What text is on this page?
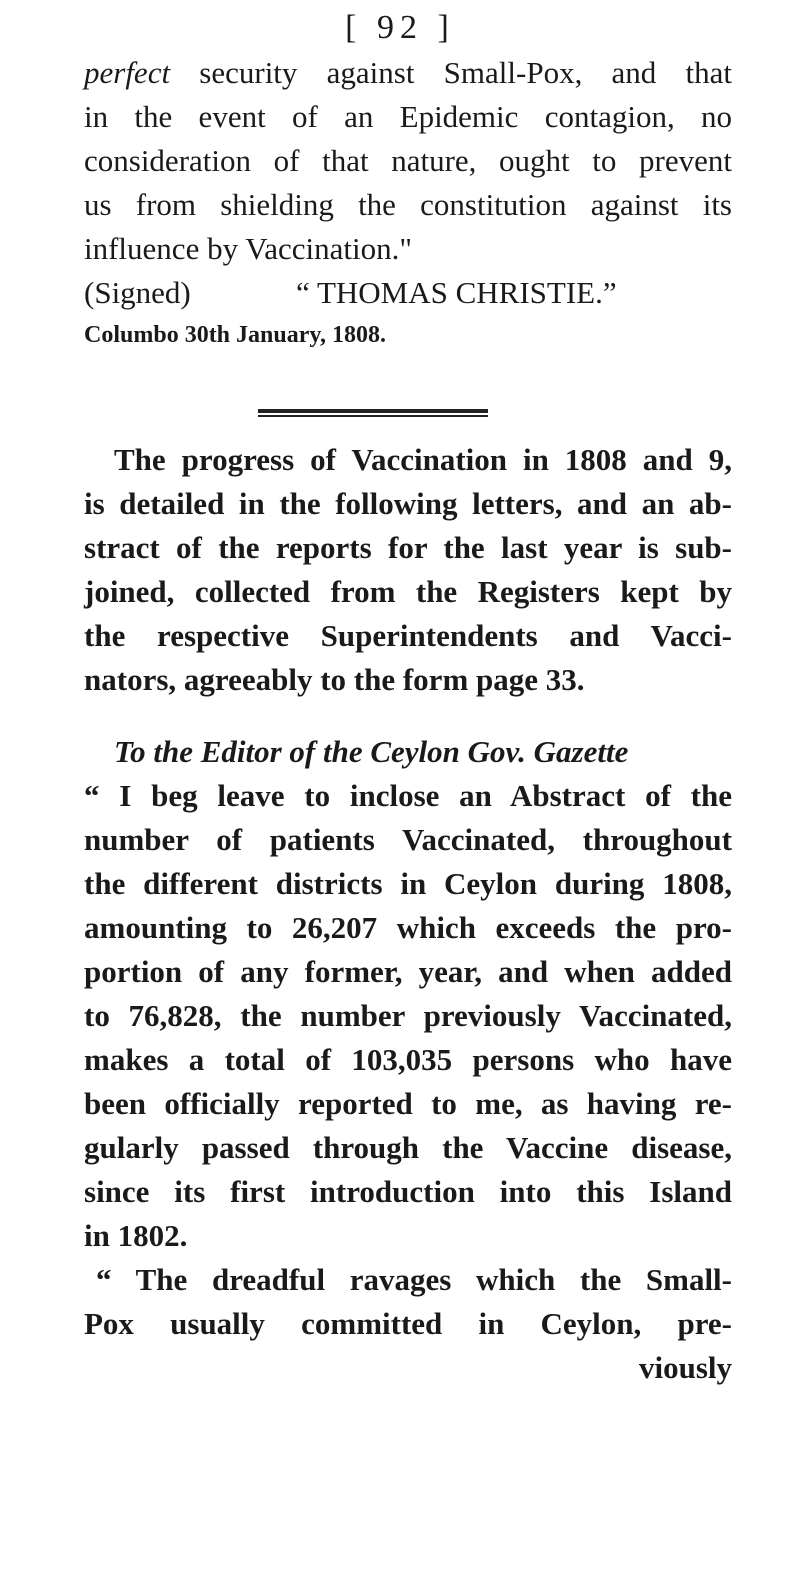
[ 92 ]
perfect security against Small-Pox, and that
in the event of an Epidemic contagion, no
consideration of that nature, ought to prevent
us from shielding the constitution against its
influence by Vaccination."
(Signed)	“ THOMAS CHRISTIE.”
Columbo 30th January, 1808.
The progress of Vaccination in 1808 and 9,
is detailed in the following letters, and an ab-
stract of the reports for the last year is sub-
joined, collected from the Registers kept by
the respective Superintendents and Vacci-
nators, agreeably to the form page 33.
To the Editor of the Ceylon Gov. Gazette
“ I beg leave to inclose an Abstract of the
number of patients Vaccinated, throughout
the different districts in Ceylon during 1808,
amounting to 26,207 which exceeds the pro-
portion of any former, year, and when added
to 76,828, the number previously Vaccinated,
makes a total of 103,035 persons who have
been officially reported to me, as having re-
gularly passed through the Vaccine disease,
since its first introduction into this Island
in 1802.
“ The dreadful ravages which the Small-
Pox usually committed in Ceylon, pre-
viously
